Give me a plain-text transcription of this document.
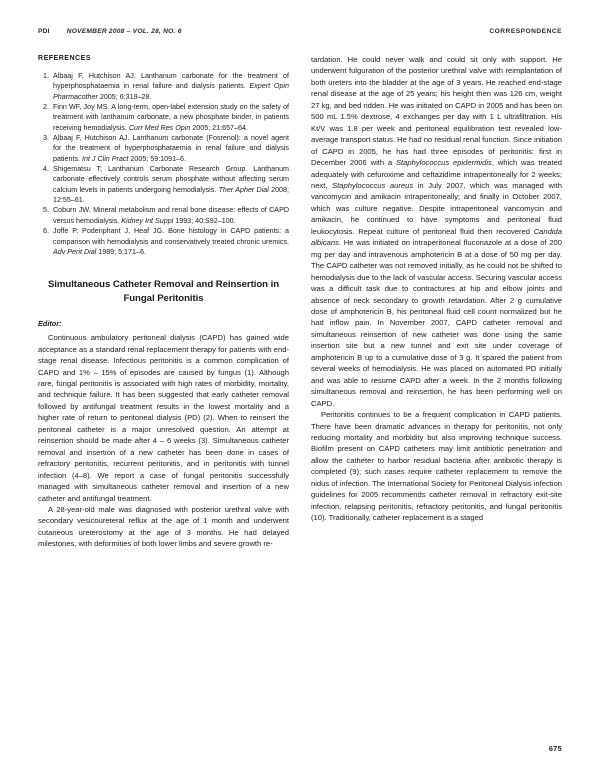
PDI	NOVEMBER 2008 – VOL. 28, NO. 6	CORRESPONDENCE
REFERENCES
1. Albaaj F, Hutchison AJ. Lanthanum carbonate for the treatment of hyperphosphataemia in renal failure and dialysis patients. Expert Opin Pharmacother 2005; 6:319–28.
2. Finn WF, Joy MS. A long-term, open-label extension study on the safety of treatment with lanthanum carbonate, a new phosphate binder, in patients receiving hemodialysis. Curr Med Res Opin 2005; 21:657–64.
3. Albaaj F, Hutchison AJ. Lanthanum carbonate (Fosrenol): a novel agent for the treatment of hyperphosphataemia in renal failure and dialysis patients. Int J Clin Pract 2005; 59:1091–6.
4. Shigematsu T; Lanthanum Carbonate Research Group. Lanthanum carbonate effectively controls serum phosphate without affecting serum calcium levels in patients undergoing hemodialysis. Ther Apher Dial 2008; 12:55–61.
5. Coburn JW. Mineral metabolism and renal bone disease: effects of CAPD versus hemodialysis. Kidney Int Suppl 1993; 40:S92–100.
6. Joffe P, Podenphant J, Heaf JG. Bone histology in CAPD patients: a comparison with hemodialysis and conservatively treated chronic uremics. Adv Perit Dial 1989; 5:171–6.
Simultaneous Catheter Removal and Reinsertion in Fungal Peritonitis

Editor:

Continuous ambulatory peritoneal dialysis (CAPD) has gained wide acceptance as a standard renal replacement therapy for patients with end-stage renal disease. Infectious peritonitis is a common complication of CAPD and 1% – 15% of episodes are caused by fungus (1). Although rare, fungal peritonitis is associated with high rates of morbidity, mortality, and technique failure. It has been suggested that early catheter removal followed by antifungal treatment results in the lowest mortality and a higher rate of return to peritoneal dialysis (PD) (2). When to reinsert the peritoneal catheter is a major unresolved question. An attempt at reinsertion should be made after 4 – 6 weeks (3). Simultaneous catheter removal and insertion of a new catheter has been done in cases of refractory peritonitis, recurrent peritonitis, and in peritonitis with tunnel infection (4–8). We report a case of fungal peritonitis successfully managed with simultaneous catheter removal and insertion of a new catheter and antifungal treatment.

A 28-year-old male was diagnosed with posterior urethral valve with secondary vesicoureteral reflux at the age of 1 month and underwent cutaneous ureterostomy at the age of 3 months. He had delayed milestones, with deformities of both lower limbs and severe growth re-

tardation. He could never walk and could sit only with support. He underwent fulguration of the posterior urethral valve with reimplantation of both ureters into the bladder at the age of 3 years. He reached end-stage renal disease at the age of 25 years; his height then was 126 cm, weight 27 kg, and bed ridden. He was initiated on CAPD in 2005 and has been on 500 mL 1.5% dextrose, 4 exchanges per day with 1 L ultrafiltration. His Kt/V was 1.8 per week and peritoneal equilibration test revealed low-average transport status. He had no residual renal function. Since initiation of CAPD in 2005, he has had three episodes of peritonitis: first in December 2006 with a Staphylococcus epidermidis, which was treated adequately with cefuroxime and ceftazidime intraperitoneally for 2 weeks; next, Staphylococcus aureus in July 2007, which was managed with vancomycin and amikacin intraperitoneally; and finally in October 2007, which was culture negative. Despite intraperitoneal vancomycin and amikacin, he continued to have symptoms and peritoneal fluid leukocytosis. Repeat culture of peritoneal fluid then recovered Candida albicans. He was initiated on intraperitoneal fluconazole at a dose of 200 mg per day and intravenous amphotericin B at a dose of 50 mg per day. The CAPD catheter was not removed initially, as he could not be shifted to hemodialysis due to the lack of vascular access. Securing vascular access was a difficult task due to contractures at hip and elbow joints and absence of neck secondary to growth retardation. After 2 g cumulative dose of amphotericin B, his peritoneal fluid cell count normalized but he had inflow pain. In November 2007, CAPD catheter removal and simultaneous reinsertion of new catheter was done using the same insertion site but a new tunnel and exit site under coverage of amphotericin B up to a cumulative dose of 3 g. It spared the patient from several weeks of hemodialysis. He was placed on automated PD initially and was able to resume CAPD after a week. In the 2 months following simultaneous removal and reinsertion, he has been performing well on CAPD.

Peritonitis continues to be a frequent complication in CAPD patients. There have been dramatic advances in therapy for peritonitis, not only reducing mortality and morbidity but also improving technique success. Biofilm present on CAPD catheters may limit antibiotic penetration and allow the catheter to harbor residual bacteria after antibiotic therapy is completed (9); such cases require catheter replacement to remove the nidus of infection. The International Society for Peritoneal Dialysis infection guidelines for 2005 recommends catheter removal in refractory exit-site infection, relapsing peritonitis, refractory peritonitis, and fungal peritonitis (10). Traditionally, catheter replacement is a staged

675
